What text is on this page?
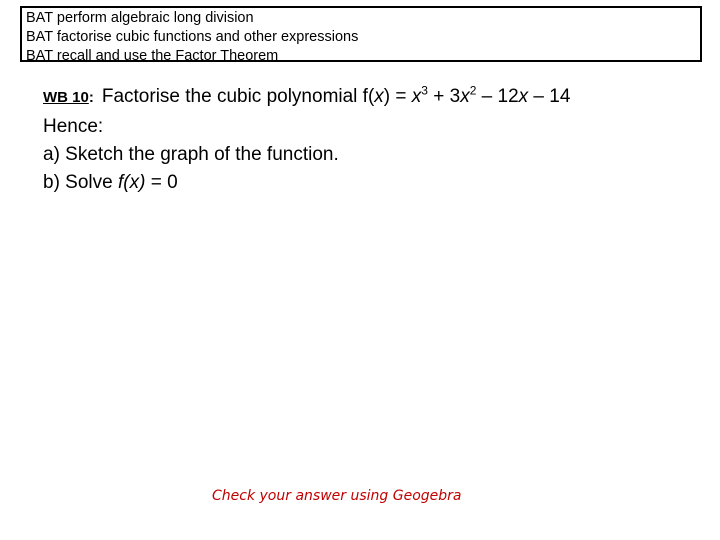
BAT perform algebraic long division
BAT factorise cubic functions and other expressions
BAT recall and use the Factor Theorem
WB 10: Factorise the cubic polynomial $f(x) = x^3 + 3x^2 - 12x - 14$
Hence:
a) Sketch the graph of the function.
b) Solve f(x) = 0
Check your answer using Geogebra
